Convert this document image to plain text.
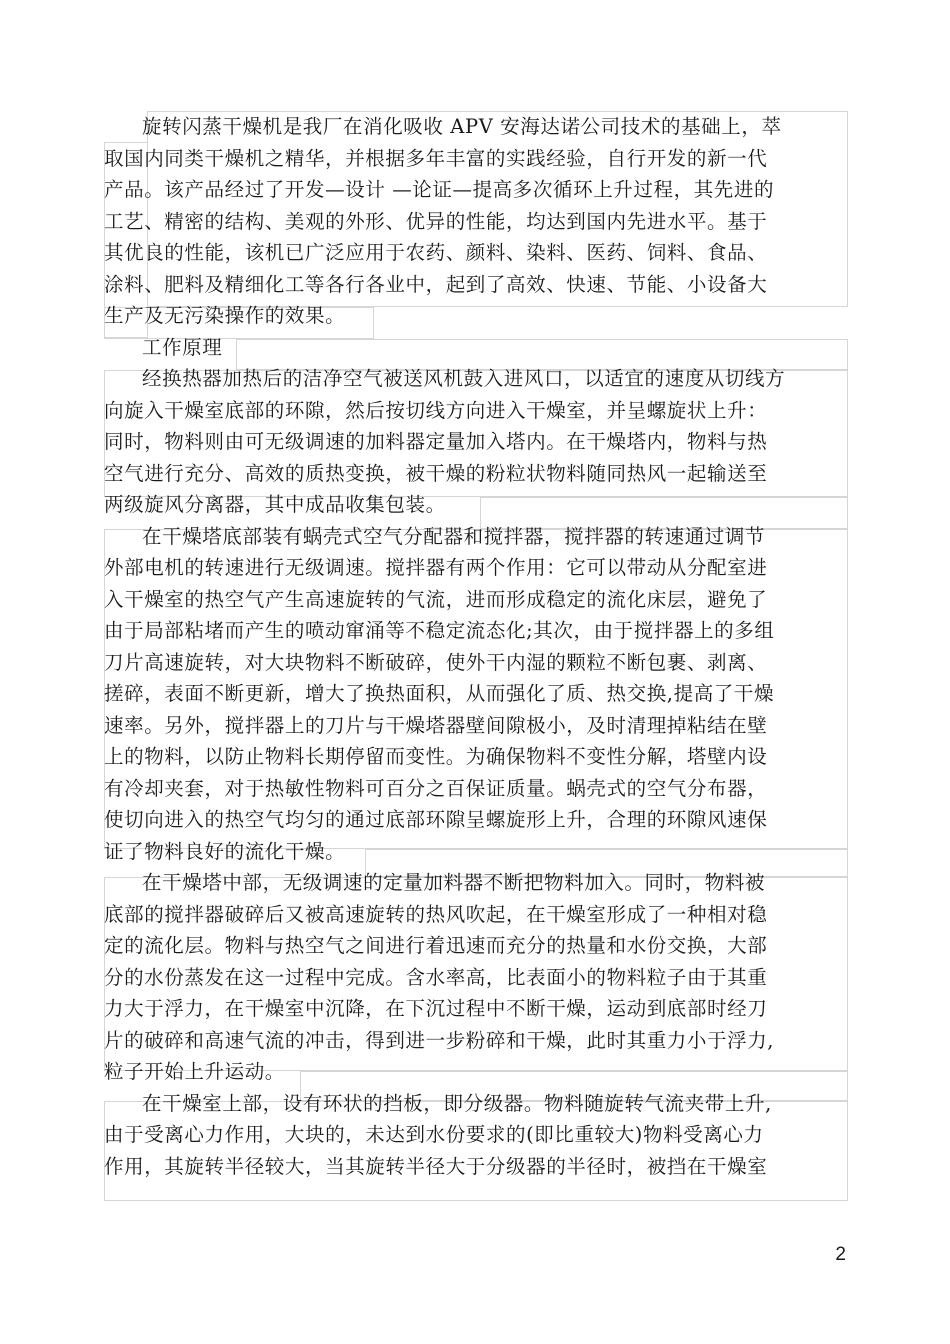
旋转闪蒸干燥机是我厂在消化吸收 APV 安海达诺公司技术的基础上，萃
取国内同类干燥机之精华，并根据多年丰富的实践经验，自行开发的新一代
产品。该产品经过了开发—设计 —论证—提高多次循环上升过程，其先进的
工艺、精密的结构、美观的外形、优异的性能，均达到国内先进水平。基于
其优良的性能，该机已广泛应用于农药、颜料、染料、医药、饲料、食品、
涂料、肥料及精细化工等各行各业中，起到了高效、快速、节能、小设备大
生产及无污染操作的效果。
工作原理
经换热器加热后的洁净空气被送风机鼓入进风口，以适宜的速度从切线方
向旋入干燥室底部的环隙，然后按切线方向进入干燥室，并呈螺旋状上升：
同时，物料则由可无级调速的加料器定量加入塔内。在干燥塔内，物料与热
空气进行充分、高效的质热变换，被干燥的粉粒状物料随同热风一起输送至
两级旋风分离器，其中成品收集包装。
在干燥塔底部装有蜗壳式空气分配器和搅拌器，搅拌器的转速通过调节
外部电机的转速进行无级调速。搅拌器有两个作用：它可以带动从分配室进
入干燥室的热空气产生高速旋转的气流，进而形成稳定的流化床层，避免了
由于局部粘堵而产生的喷动窜涌等不稳定流态化;其次，由于搅拌器上的多组
刀片高速旋转，对大块物料不断破碎，使外干内湿的颗粒不断包裹、剥离、
搓碎，表面不断更新，增大了换热面积，从而强化了质、热交换,提高了干燥
速率。另外，搅拌器上的刀片与干燥塔器壁间隙极小，及时清理掉粘结在壁
上的物料，以防止物料长期停留而变性。为确保物料不变性分解，塔壁内设
有冷却夹套，对于热敏性物料可百分之百保证质量。蜗壳式的空气分布器，
使切向进入的热空气均匀的通过底部环隙呈螺旋形上升，合理的环隙风速保
证了物料良好的流化干燥。
在干燥塔中部，无级调速的定量加料器不断把物料加入。同时，物料被
底部的搅拌器破碎后又被高速旋转的热风吹起，在干燥室形成了一种相对稳
定的流化层。物料与热空气之间进行着迅速而充分的热量和水份交换，大部
分的水份蒸发在这一过程中完成。含水率高，比表面小的物料粒子由于其重
力大于浮力，在干燥室中沉降，在下沉过程中不断干燥，运动到底部时经刀
片的破碎和高速气流的冲击，得到进一步粉碎和干燥，此时其重力小于浮力,
粒子开始上升运动。
在干燥室上部，设有环状的挡板，即分级器。物料随旋转气流夹带上升,
由于受离心力作用，大块的，未达到水份要求的(即比重较大)物料受离心力
作用，其旋转半径较大，当其旋转半径大于分级器的半径时，被挡在干燥室
2
